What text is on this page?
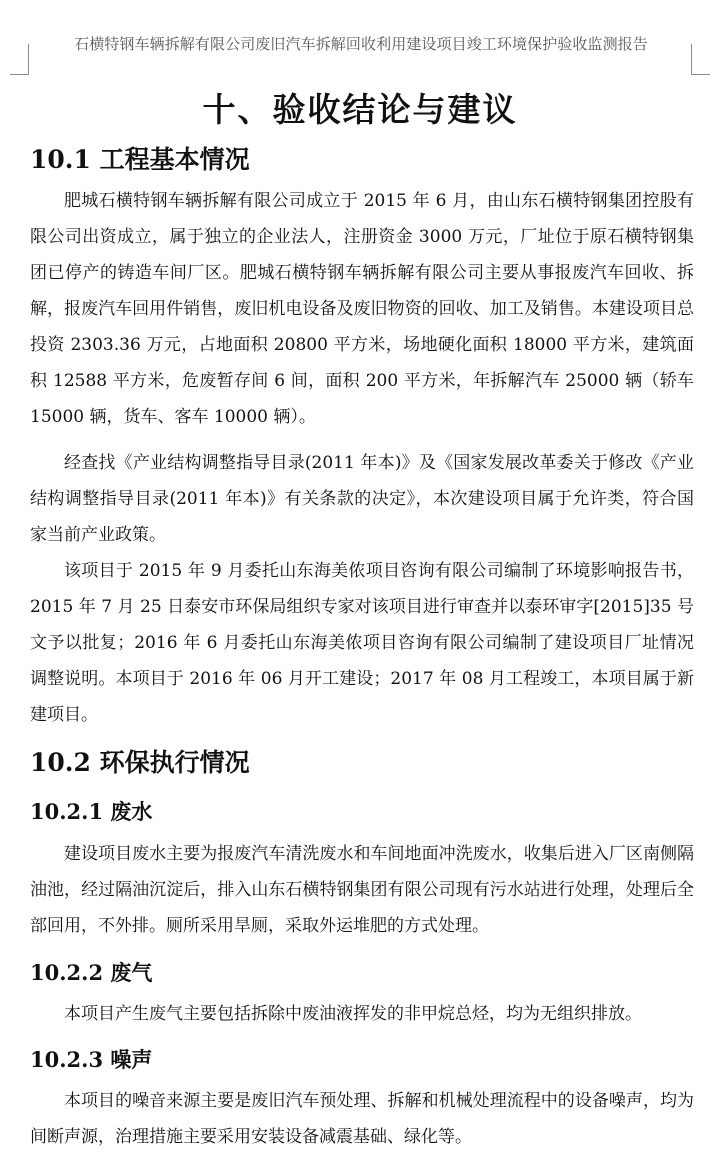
石横特钢车辆拆解有限公司废旧汽车拆解回收利用建设项目竣工环境保护验收监测报告
十、验收结论与建议
10.1 工程基本情况

肥城石横特钢车辆拆解有限公司成立于 2015 年 6 月，由山东石横特钢集团控股有限公司出资成立，属于独立的企业法人，注册资金 3000 万元，厂址位于原石横特钢集团已停产的铸造车间厂区。肥城石横特钢车辆拆解有限公司主要从事报废汽车回收、拆解，报废汽车回用件销售，废旧机电设备及废旧物资的回收、加工及销售。本建设项目总投资 2303.36 万元，占地面积 20800 平方米，场地硬化面积 18000 平方米，建筑面积 12588 平方米，危废暂存间 6 间，面积 200 平方米，年拆解汽车 25000 辆（轿车 15000 辆，货车、客车 10000 辆）。

经查找《产业结构调整指导目录(2011 年本)》及《国家发展改革委关于修改《产业结构调整指导目录(2011 年本)》有关条款的决定》，本次建设项目属于允许类，符合国家当前产业政策。

该项目于 2015 年 9 月委托山东海美侬项目咨询有限公司编制了环境影响报告书，2015 年 7 月 25 日泰安市环保局组织专家对该项目进行审查并以泰环审字[2015]35 号文予以批复；2016 年 6 月委托山东海美侬项目咨询有限公司编制了建设项目厂址情况调整说明。本项目于 2016 年 06 月开工建设；2017 年 08 月工程竣工，本项目属于新建项目。

10.2 环保执行情况
10.2.1 废水

建设项目废水主要为报废汽车清洗废水和车间地面冲洗废水，收集后进入厂区南侧隔油池，经过隔油沉淀后，排入山东石横特钢集团有限公司现有污水站进行处理，处理后全部回用，不外排。厕所采用旱厕，采取外运堆肥的方式处理。

10.2.2 废气

本项目产生废气主要包括拆除中废油液挥发的非甲烷总烃，均为无组织排放。

10.2.3 噪声

本项目的噪音来源主要是废旧汽车预处理、拆解和机械处理流程中的设备噪声，均为间断声源，治理措施主要采用安装设备减震基础、绿化等。
